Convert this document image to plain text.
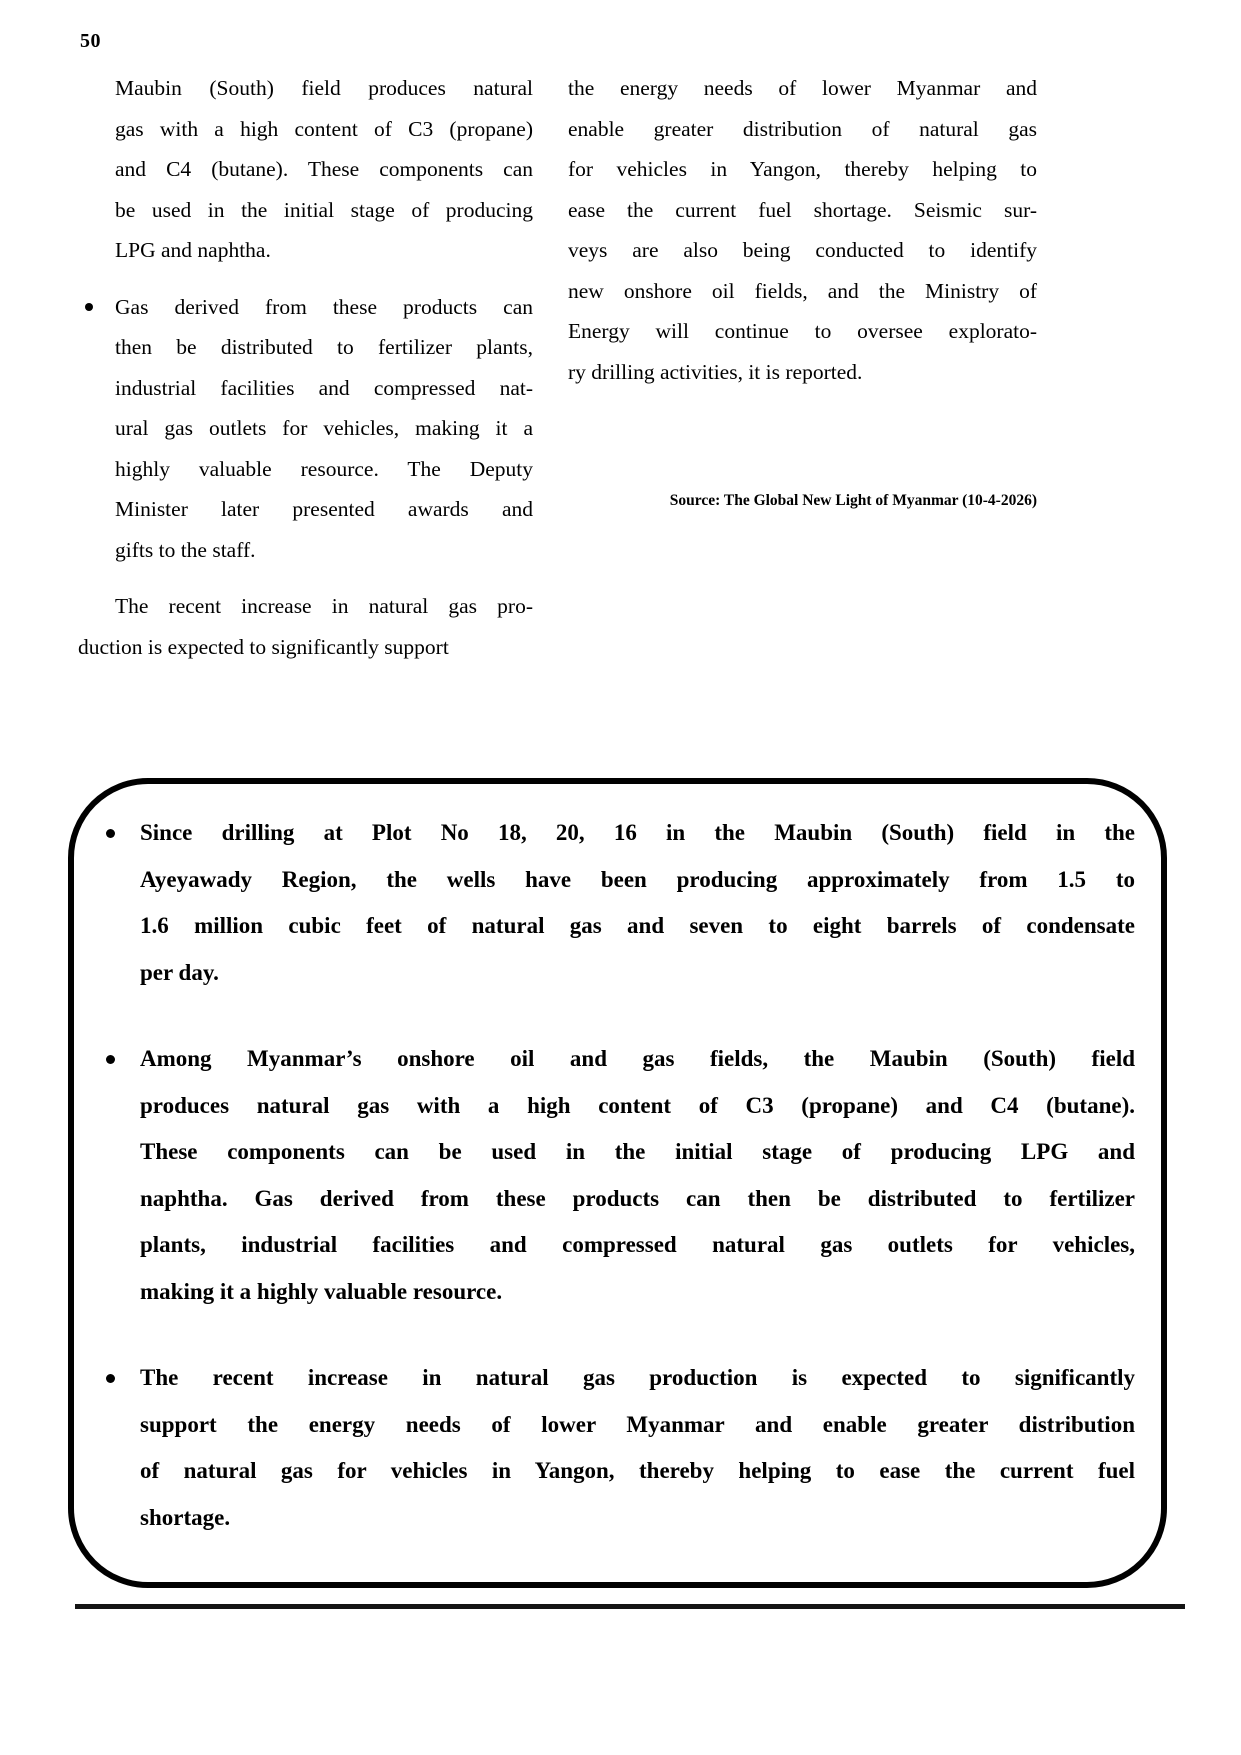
50
Maubin (South) field produces natural
gas with a high content of C3 (propane)
and C4 (butane). These components can
be used in the initial stage of producing
LPG and naphtha.
Gas derived from these products can
then be distributed to fertilizer plants,
industrial facilities and compressed nat-
ural gas outlets for vehicles, making it a
highly valuable resource. The Deputy
Minister later presented awards and
gifts to the staff.
The recent increase in natural gas pro-
duction is expected to significantly support
the energy needs of lower Myanmar and
enable greater distribution of natural gas
for vehicles in Yangon, thereby helping to
ease the current fuel shortage. Seismic sur-
veys are also being conducted to identify
new onshore oil fields, and the Ministry of
Energy will continue to oversee explorato-
ry drilling activities, it is reported.
Source: The Global New Light of Myanmar (10-4-2026)
Since drilling at Plot No 18, 20, 16 in the Maubin (South) field in the
Ayeyawady Region, the wells have been producing approximately from 1.5 to
1.6 million cubic feet of natural gas and seven to eight barrels of condensate
per day.
Among Myanmar’s onshore oil and gas fields, the Maubin (South) field
produces natural gas with a high content of C3 (propane) and C4 (butane).
These components can be used in the initial stage of producing LPG and
naphtha. Gas derived from these products can then be distributed to fertilizer
plants, industrial facilities and compressed natural gas outlets for vehicles,
making it a highly valuable resource.
The recent increase in natural gas production is expected to significantly
support the energy needs of lower Myanmar and enable greater distribution
of natural gas for vehicles in Yangon, thereby helping to ease the current fuel
shortage.
